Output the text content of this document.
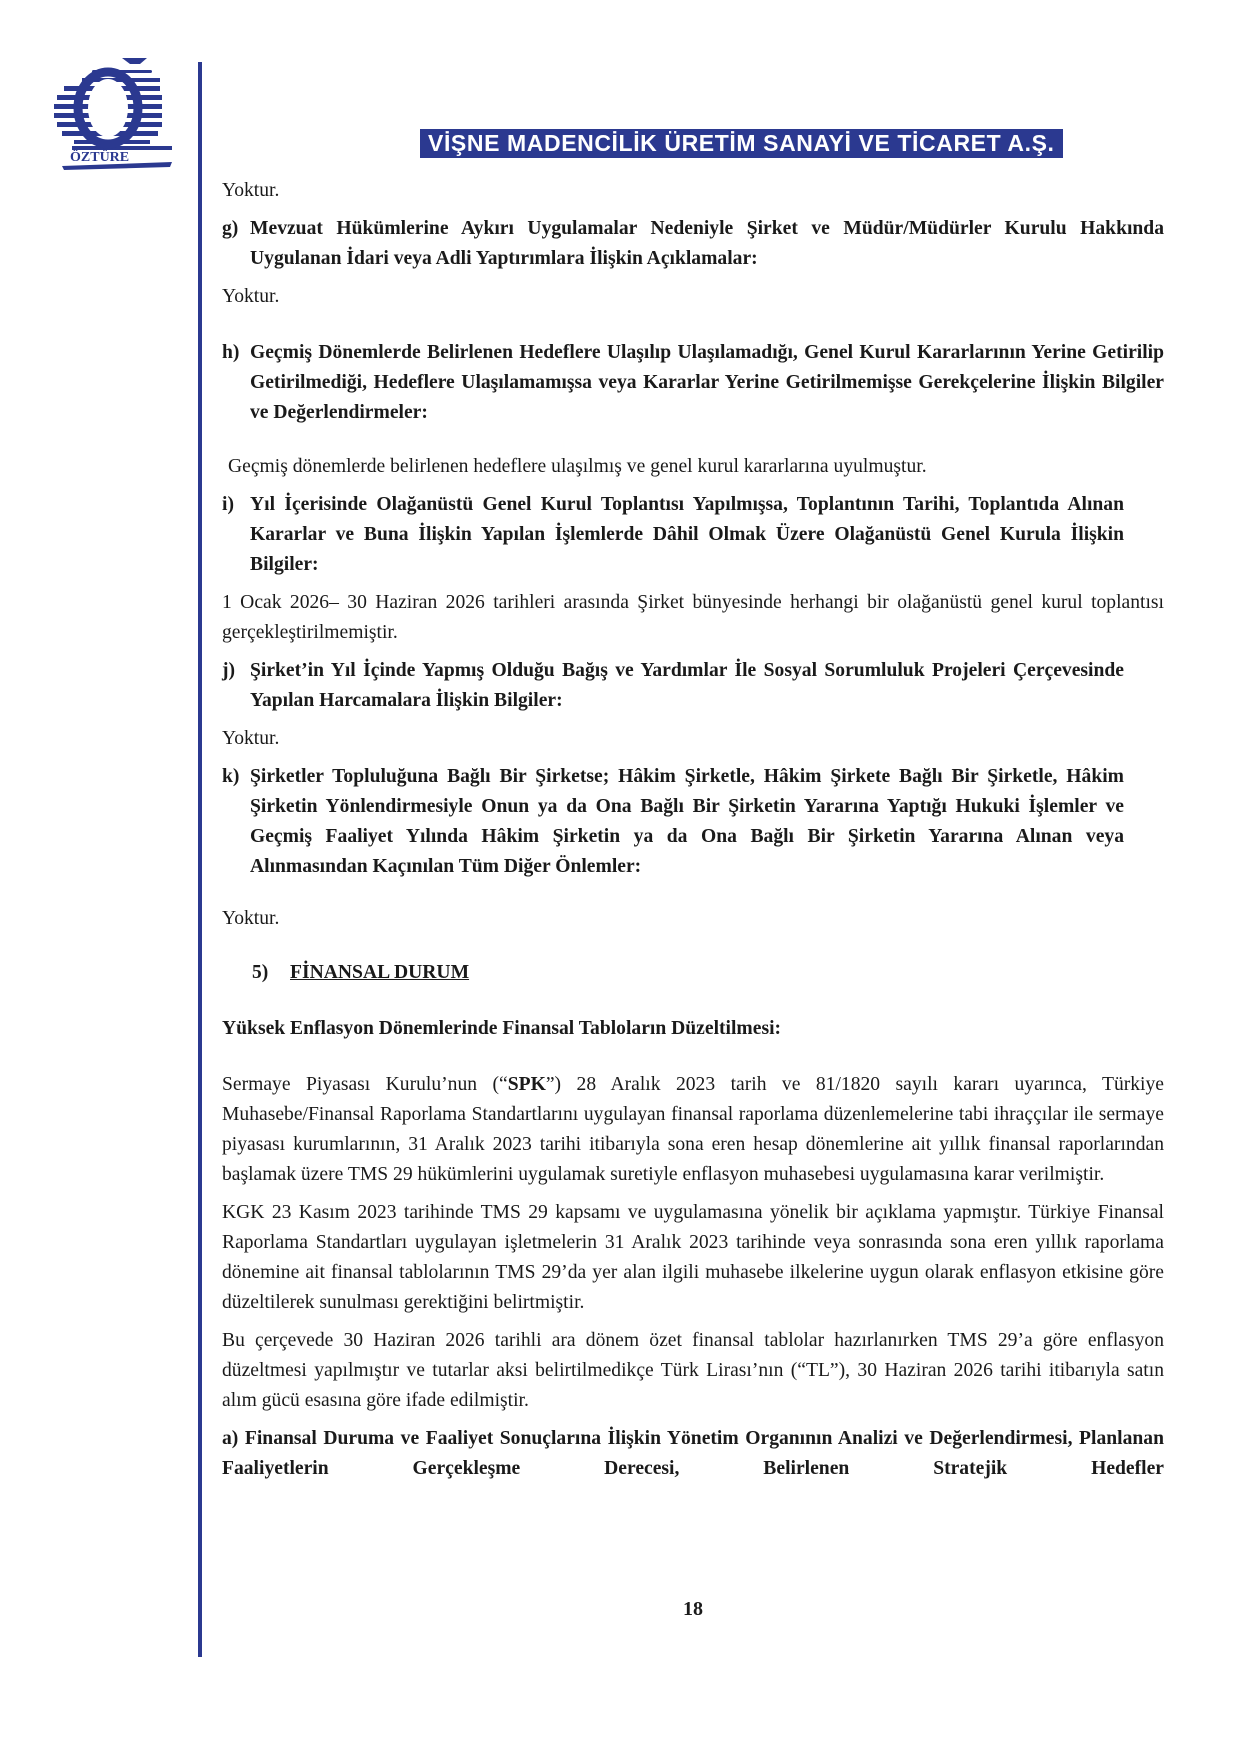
ÖZTÜRE
VİŞNE MADENCİLİK ÜRETİM SANAYİ VE TİCARET A.Ş.

Yoktur.

g) Mevzuat Hükümlerine Aykırı Uygulamalar Nedeniyle Şirket ve Müdür/Müdürler Kurulu Hakkında Uygulanan İdari veya Adli Yaptırımlara İlişkin Açıklamalar:

Yoktur.

h) Geçmiş Dönemlerde Belirlenen Hedeflere Ulaşılıp Ulaşılamadığı, Genel Kurul Kararlarının Yerine Getirilip Getirilmediği, Hedeflere Ulaşılamamışsa veya Kararlar Yerine Getirilmemişse Gerekçelerine İlişkin Bilgiler ve Değerlendirmeler:

Geçmiş dönemlerde belirlenen hedeflere ulaşılmış ve genel kurul kararlarına uyulmuştur.

i) Yıl İçerisinde Olağanüstü Genel Kurul Toplantısı Yapılmışsa, Toplantının Tarihi, Toplantıda Alınan Kararlar ve Buna İlişkin Yapılan İşlemlerde Dâhil Olmak Üzere Olağanüstü Genel Kurula İlişkin Bilgiler:

1 Ocak 2026– 30 Haziran 2026 tarihleri arasında Şirket bünyesinde herhangi bir olağanüstü genel kurul toplantısı gerçekleştirilmemiştir.

j) Şirket’in Yıl İçinde Yapmış Olduğu Bağış ve Yardımlar İle Sosyal Sorumluluk Projeleri Çerçevesinde Yapılan Harcamalara İlişkin Bilgiler:

Yoktur.

k) Şirketler Topluluğuna Bağlı Bir Şirketse; Hâkim Şirketle, Hâkim Şirkete Bağlı Bir Şirketle, Hâkim Şirketin Yönlendirmesiyle Onun ya da Ona Bağlı Bir Şirketin Yararına Yaptığı Hukuki İşlemler ve Geçmiş Faaliyet Yılında Hâkim Şirketin ya da Ona Bağlı Bir Şirketin Yararına Alınan veya Alınmasından Kaçınılan Tüm Diğer Önlemler:

Yoktur.

5) FİNANSAL DURUM

Yüksek Enflasyon Dönemlerinde Finansal Tabloların Düzeltilmesi:

Sermaye Piyasası Kurulu’nun (“SPK”) 28 Aralık 2023 tarih ve 81/1820 sayılı kararı uyarınca, Türkiye Muhasebe/Finansal Raporlama Standartlarını uygulayan finansal raporlama düzenlemelerine tabi ihraççılar ile sermaye piyasası kurumlarının, 31 Aralık 2023 tarihi itibarıyla sona eren hesap dönemlerine ait yıllık finansal raporlarından başlamak üzere TMS 29 hükümlerini uygulamak suretiyle enflasyon muhasebesi uygulamasına karar verilmiştir.

KGK 23 Kasım 2023 tarihinde TMS 29 kapsamı ve uygulamasına yönelik bir açıklama yapmıştır. Türkiye Finansal Raporlama Standartları uygulayan işletmelerin 31 Aralık 2023 tarihinde veya sonrasında sona eren yıllık raporlama dönemine ait finansal tablolarının TMS 29’da yer alan ilgili muhasebe ilkelerine uygun olarak enflasyon etkisine göre düzeltilerek sunulması gerektiğini belirtmiştir.

Bu çerçevede 30 Haziran 2026 tarihli ara dönem özet finansal tablolar hazırlanırken TMS 29’a göre enflasyon düzeltmesi yapılmıştır ve tutarlar aksi belirtilmedikçe Türk Lirası’nın (“TL”), 30 Haziran 2026 tarihi itibarıyla satın alım gücü esasına göre ifade edilmiştir.

a) Finansal Duruma ve Faaliyet Sonuçlarına İlişkin Yönetim Organının Analizi ve Değerlendirmesi, Planlanan Faaliyetlerin Gerçekleşme Derecesi, Belirlenen Stratejik Hedefler

18
